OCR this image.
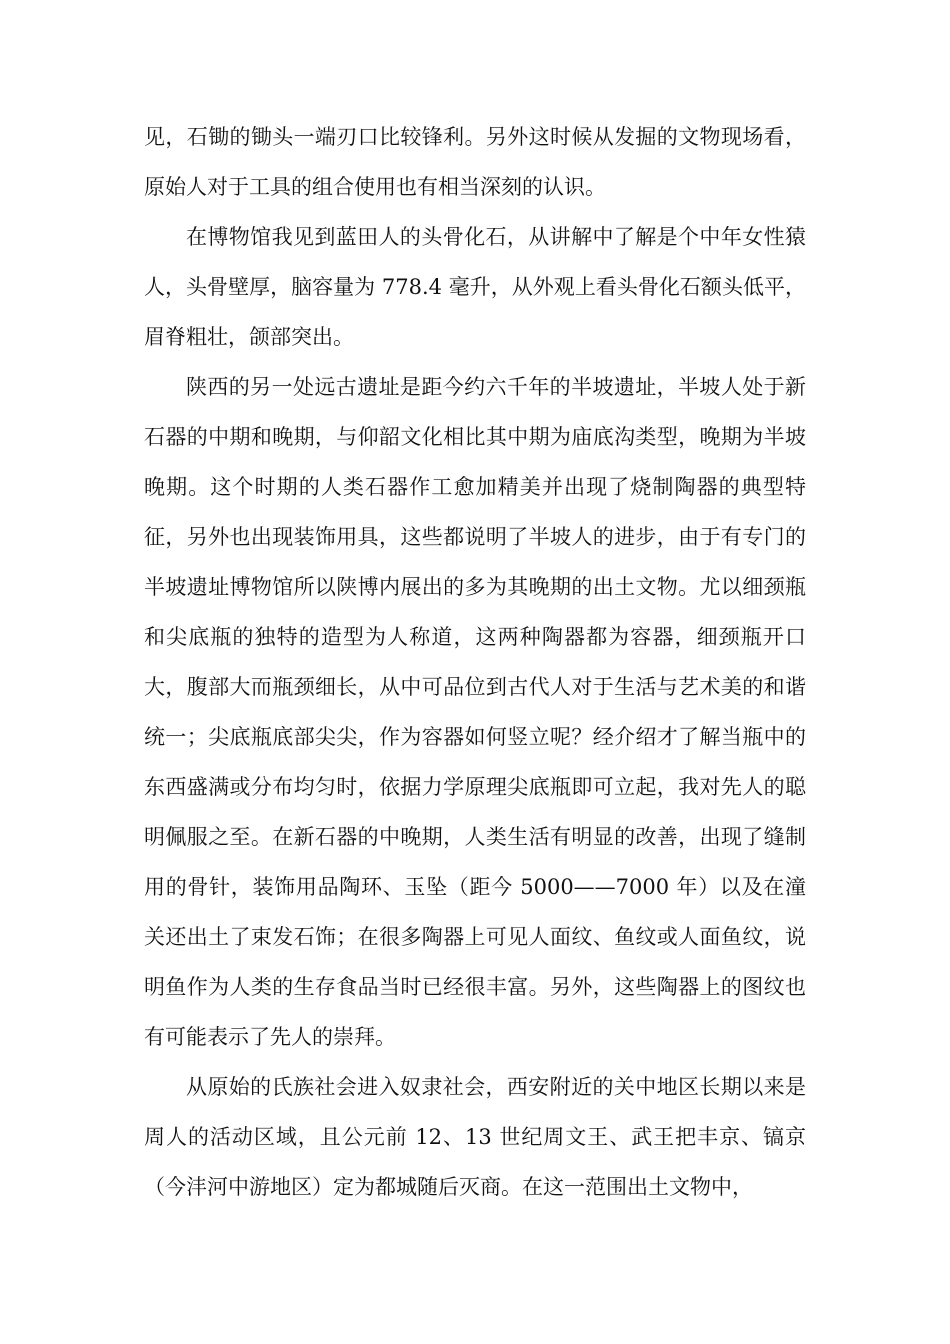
见，石锄的锄头一端刃口比较锋利。另外这时候从发掘的文物现场看，原始人对于工具的组合使用也有相当深刻的认识。

在博物馆我见到蓝田人的头骨化石，从讲解中了解是个中年女性猿人，头骨壁厚，脑容量为 778.4 毫升，从外观上看头骨化石额头低平，眉脊粗壮，颌部突出。

陕西的另一处远古遗址是距今约六千年的半坡遗址，半坡人处于新石器的中期和晚期，与仰韶文化相比其中期为庙底沟类型，晚期为半坡晚期。这个时期的人类石器作工愈加精美并出现了烧制陶器的典型特征，另外也出现装饰用具，这些都说明了半坡人的进步，由于有专门的半坡遗址博物馆所以陕博内展出的多为其晚期的出土文物。尤以细颈瓶和尖底瓶的独特的造型为人称道，这两种陶器都为容器，细颈瓶开口大，腹部大而瓶颈细长，从中可品位到古代人对于生活与艺术美的和谐统一；尖底瓶底部尖尖，作为容器如何竖立呢？经介绍才了解当瓶中的东西盛满或分布均匀时，依据力学原理尖底瓶即可立起，我对先人的聪明佩服之至。在新石器的中晚期，人类生活有明显的改善，出现了缝制用的骨针，装饰用品陶环、玉坠（距今 5000——7000 年）以及在潼关还出土了束发石饰；在很多陶器上可见人面纹、鱼纹或人面鱼纹，说明鱼作为人类的生存食品当时已经很丰富。另外，这些陶器上的图纹也有可能表示了先人的崇拜。

从原始的氏族社会进入奴隶社会，西安附近的关中地区长期以来是周人的活动区域，且公元前 12、13 世纪周文王、武王把丰京、镐京（今沣河中游地区）定为都城随后灭商。在这一范围出土文物中，
